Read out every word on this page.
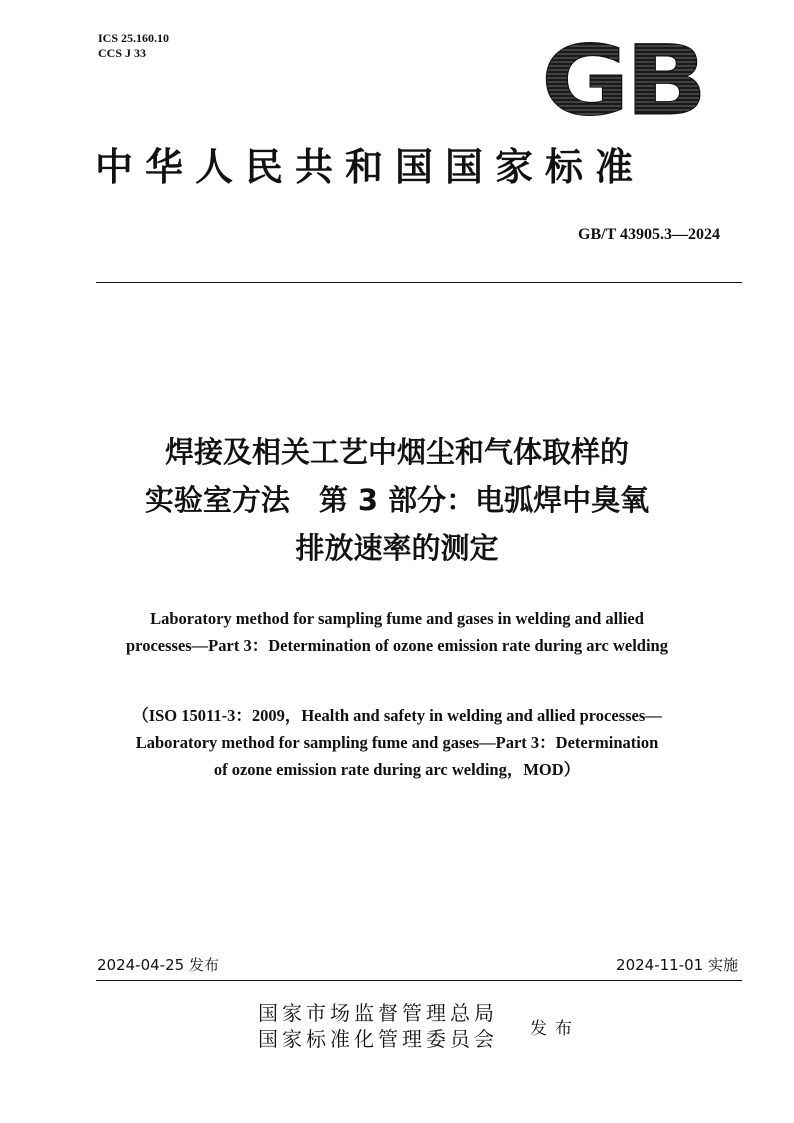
ICS 25.160.10
CCS J 33	GB
中华人民共和国国家标准
GB/T 43905.3—2024
焊接及相关工艺中烟尘和气体取样的
实验室方法　第 3 部分：电弧焊中臭氧
排放速率的测定
Laboratory method for sampling fume and gases in welding and allied
processes—Part 3：Determination of ozone emission rate during arc welding
（ISO 15011-3：2009，Health and safety in welding and allied processes—
Laboratory method for sampling fume and gases—Part 3：Determination
of ozone emission rate during arc welding，MOD）
2024-04-25 发布	2024-11-01 实施
国家市场监督管理总局
国家标准化管理委员会 发布
